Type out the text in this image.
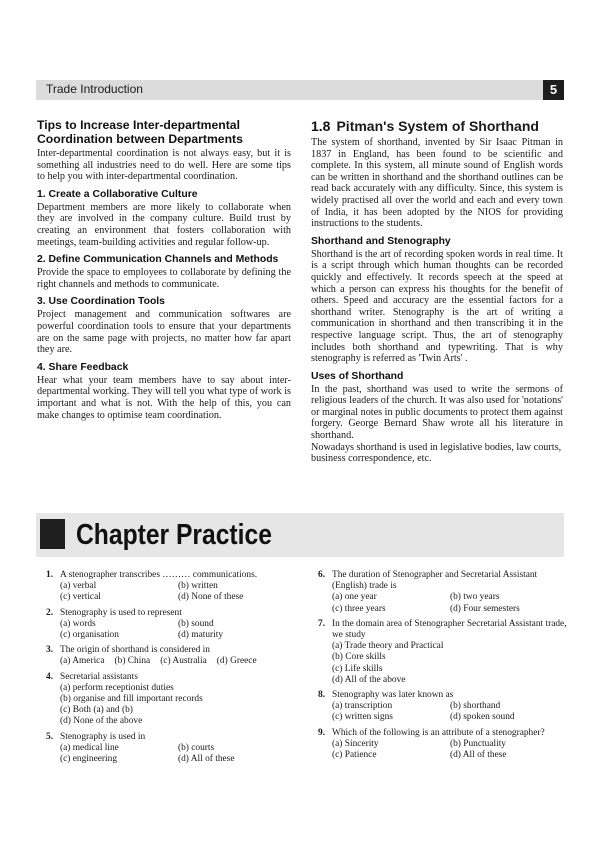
Trade Introduction	5
Tips to Increase Inter-departmental Coordination between Departments

Inter-departmental coordination is not always easy, but it is something all industries need to do well. Here are some tips to help you with inter-departmental coordination.

1. Create a Collaborative Culture

Department members are more likely to collaborate when they are involved in the company culture. Build trust by creating an environment that fosters collaboration with meetings, team-building activities and regular follow-up.

2. Define Communication Channels and Methods

Provide the space to employees to collaborate by defining the right channels and methods to communicate.

3. Use Coordination Tools

Project management and communication softwares are powerful coordination tools to ensure that your departments are on the same page with projects, no matter how far apart they are.

4. Share Feedback

Hear what your team members have to say about inter-departmental working. They will tell you what type of work is important and what is not. With the help of this, you can make changes to optimise team coordination.

1.8 Pitman's System of Shorthand

The system of shorthand, invented by Sir Isaac Pitman in 1837 in England, has been found to be scientific and complete. In this system, all minute sound of English words can be written in shorthand and the shorthand outlines can be read back accurately with any difficulty. Since, this system is widely practised all over the world and each and every town of India, it has been adopted by the NIOS for providing instructions to the students.

Shorthand and Stenography

Shorthand is the art of recording spoken words in real time. It is a script through which human thoughts can be recorded quickly and effectively. It records speech at the speed at which a person can express his thoughts for the benefit of others. Speed and accuracy are the essential factors for a shorthand writer. Stenography is the art of writing a communication in shorthand and then transcribing it in the respective language script. Thus, the art of stenography includes both shorthand and typewriting. That is why stenography is referred as 'Twin Arts' .

Uses of Shorthand

In the past, shorthand was used to write the sermons of religious leaders of the church. It was also used for 'notations' or marginal notes in public documents to protect them against forgery. George Bernard Shaw wrote all his literature in shorthand.

Nowadays shorthand is used in legislative bodies, law courts, business correspondence, etc.

Chapter Practice
1. A stenographer transcribes ……… communications.
(a) verbal	(b) written
(c) vertical	(d) None of these
2. Stenography is used to represent
(a) words	(b) sound
(c) organisation	(d) maturity
3. The origin of shorthand is considered in
(a) America (b) China (c) Australia (d) Greece
4. Secretarial assistants
(a) perform receptionist duties
(b) organise and fill important records
(c) Both (a) and (b)
(d) None of the above
5. Stenography is used in
(a) medical line	(b) courts
(c) engineering	(d) All of these
6. The duration of Stenographer and Secretarial Assistant (English) trade is
(a) one year	(b) two years
(c) three years	(d) Four semesters
7. In the domain area of Stenographer Secretarial Assistant trade, we study
(a) Trade theory and Practical
(b) Core skills
(c) Life skills
(d) All of the above
8. Stenography was later known as
(a) transcription	(b) shorthand
(c) written signs	(d) spoken sound
9. Which of the following is an attribute of a stenographer?
(a) Sincerity	(b) Punctuality
(c) Patience	(d) All of these
